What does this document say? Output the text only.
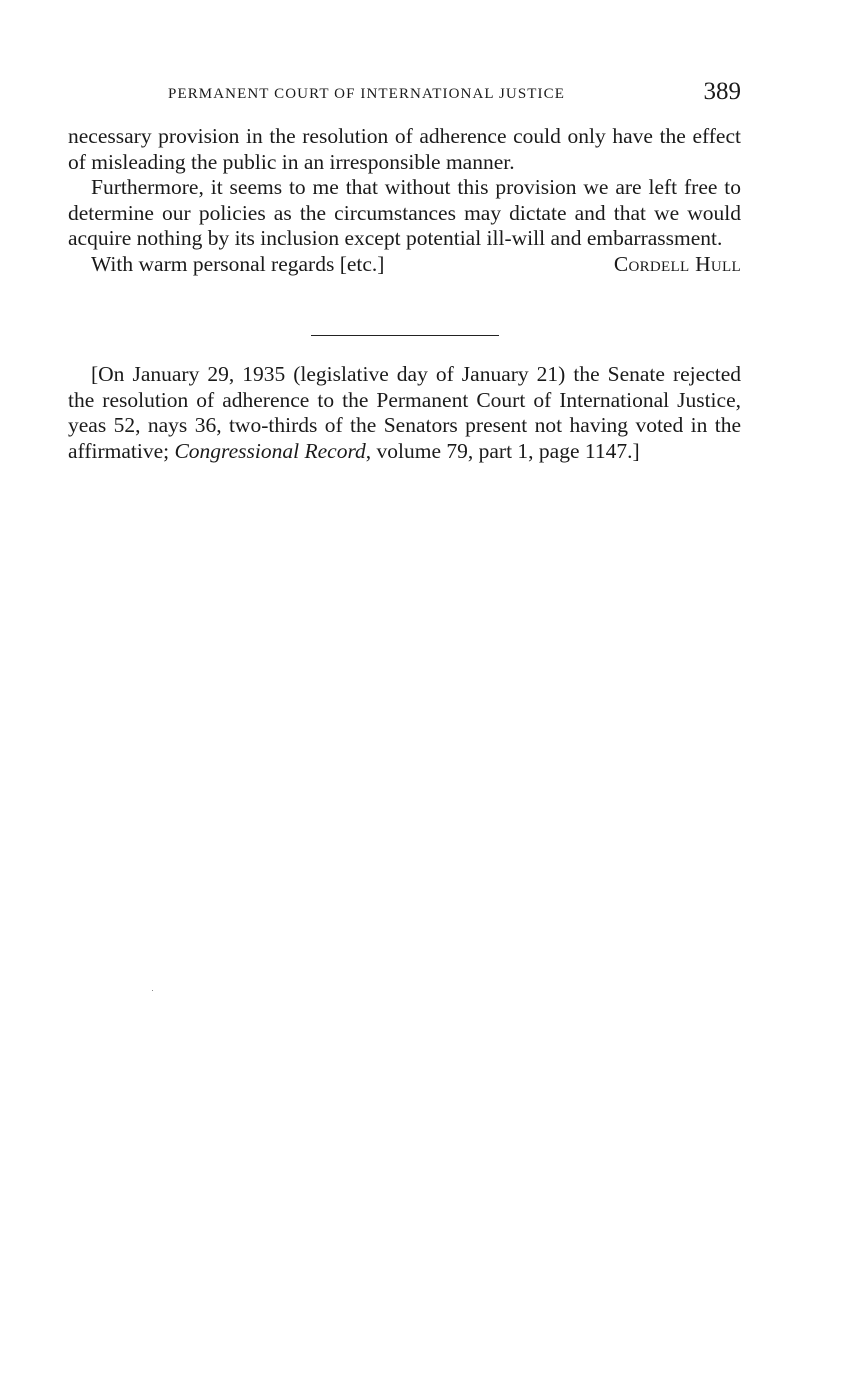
PERMANENT COURT OF INTERNATIONAL JUSTICE	389

necessary provision in the resolution of adherence could only have the effect of misleading the public in an irresponsible manner.

Furthermore, it seems to me that without this provision we are left free to determine our policies as the circumstances may dictate and that we would acquire nothing by its inclusion except potential ill-will and embarrassment.

With warm personal regards [etc.]	Cordell Hull

[On January 29, 1935 (legislative day of January 21) the Senate rejected the resolution of adherence to the Permanent Court of International Justice, yeas 52, nays 36, two-thirds of the Senators present not having voted in the affirmative; Congressional Record, volume 79, part 1, page 1147.]
